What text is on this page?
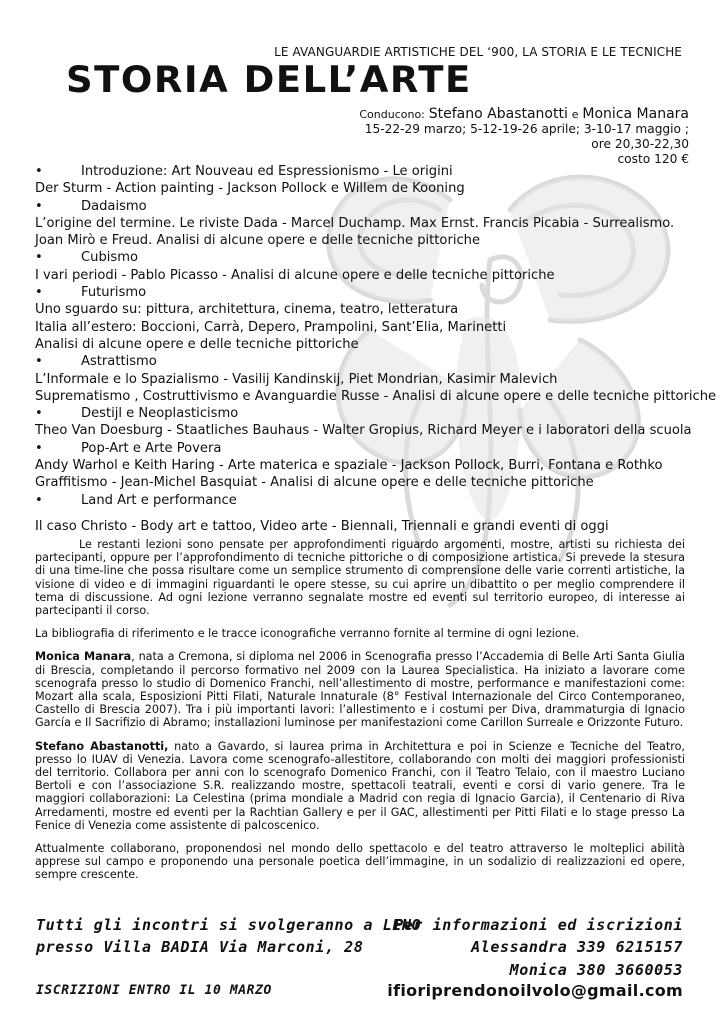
LE AVANGUARDIE ARTISTICHE DEL ‘900, LA STORIA E LE TECNICHE
STORIA DELL’ARTE
Conducono: Stefano Abastanotti e Monica Manara
15-22-29 marzo; 5-12-19-26 aprile; 3-10-17 maggio ;
ore 20,30-22,30
costo 120 €
•	Introduzione: Art Nouveau ed Espressionismo - Le origini
Der Sturm - Action painting - Jackson Pollock e Willem de Kooning
•	Dadaismo
L’origine del termine. Le riviste Dada - Marcel Duchamp. Max Ernst. Francis Picabia - Surrealismo.
Joan Mirò e Freud. Analisi di alcune opere e delle tecniche pittoriche
•	Cubismo
I vari periodi - Pablo Picasso - Analisi di alcune opere e delle tecniche pittoriche
•	Futurismo
Uno sguardo su: pittura, architettura, cinema, teatro, letteratura
Italia all’estero: Boccioni, Carrà, Depero, Prampolini, Sant’Elia, Marinetti
Analisi di alcune opere e delle tecniche pittoriche
•	Astrattismo
L’Informale e lo Spazialismo - Vasilij Kandinskij, Piet Mondrian, Kasimir Malevich
Suprematismo , Costruttivismo e Avanguardie Russe - Analisi di alcune opere e delle tecniche pittoriche
•	Destijl e Neoplasticismo
Theo Van Doesburg - Staatliches Bauhaus - Walter Gropius, Richard Meyer e i laboratori della scuola
•	Pop-Art e Arte Povera
Andy Warhol e Keith Haring - Arte materica e spaziale - Jackson Pollock, Burri, Fontana e Rothko
Graffitismo - Jean-Michel Basquiat - Analisi di alcune opere e delle tecniche pittoriche
•	Land Art e performance
Il caso Christo - Body art e tattoo, Video arte - Biennali, Triennali e grandi eventi di oggi

Le restanti lezioni sono pensate per approfondimenti riguardo argomenti, mostre, artisti su richiesta dei partecipanti, oppure per l’approfondimento di tecniche pittoriche o di composizione artistica. Si prevede la stesura di una time-line che possa risultare come un semplice strumento di comprensione delle varie correnti artistiche, la visione di video e di immagini riguardanti le opere stesse, su cui aprire un dibattito o per meglio comprendere il tema di discussione. Ad ogni lezione verranno segnalate mostre ed eventi sul territorio europeo, di interesse ai partecipanti il corso.

La bibliografia di riferimento e le tracce iconografiche verranno fornite al termine di ogni lezione.

Monica Manara, nata a Cremona, si diploma nel 2006 in Scenografia presso l’Accademia di Belle Arti Santa Giulia di Brescia, completando il percorso formativo nel 2009 con la Laurea Specialistica. Ha iniziato a lavorare come scenografa presso lo studio di Domenico Franchi, nell’allestimento di mostre, performance e manifestazioni come: Mozart alla scala, Esposizioni Pitti Filati, Naturale Innaturale (8° Festival Internazionale del Circo Contemporaneo, Castello di Brescia 2007). Tra i più importanti lavori: l’allestimento e i costumi per Diva, drammaturgia di Ignacio García e Il Sacrifizio di Abramo; installazioni luminose per manifestazioni come Carillon Surreale e Orizzonte Futuro.

Stefano Abastanotti, nato a Gavardo, si laurea prima in Architettura e poi in Scienze e Tecniche del Teatro, presso lo IUAV di Venezia. Lavora come scenografo-allestitore, collaborando con molti dei maggiori professionisti del territorio. Collabora per anni con lo scenografo Domenico Franchi, con il Teatro Telaio, con il maestro Luciano Bertoli e con l’associazione S.R. realizzando mostre, spettacoli teatrali, eventi e corsi di vario genere. Tra le maggiori collaborazioni: La Celestina (prima mondiale a Madrid con regia di Ignacio Garcia), il Centenario di Riva Arredamenti, mostre ed eventi per la Rachtian Gallery e per il GAC, allestimenti per Pitti Filati e lo stage presso La Fenice di Venezia come assistente di palcoscenico.

Attualmente collaborano, proponendosi nel mondo dello spettacolo e del teatro attraverso le molteplici abilità apprese sul campo e proponendo una personale poetica dell’immagine, in un sodalizio di realizzazioni ed opere, sempre crescente.

Tutti gli incontri si svolgeranno a LENO
presso Villa BADIA Via Marconi, 28
ISCRIZIONI ENTRO IL 10 MARZO
Per informazioni ed iscrizioni
Alessandra 339 6215157
Monica 380 3660053
ifioriprendonoilvolo@gmail.com
